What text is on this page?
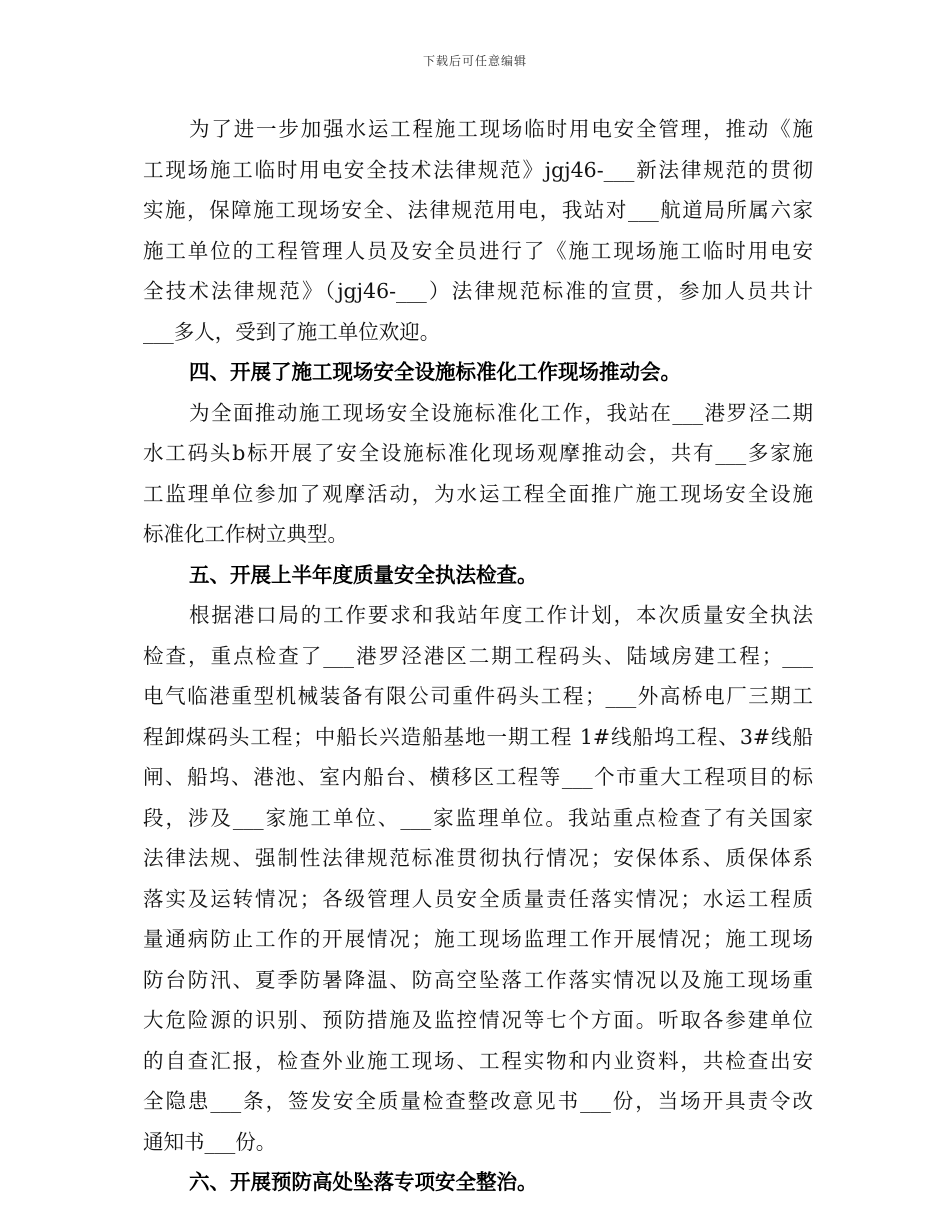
下载后可任意编辑
为了进一步加强水运工程施工现场临时用电安全管理，推动《施
工现场施工临时用电安全技术法律规范》jgj46-___新法律规范的贯彻
实施，保障施工现场安全、法律规范用电，我站对___航道局所属六家
施工单位的工程管理人员及安全员进行了《施工现场施工临时用电安
全技术法律规范》（jgj46-___）法律规范标准的宣贯，参加人员共计
___多人，受到了施工单位欢迎。
四、开展了施工现场安全设施标准化工作现场推动会。
为全面推动施工现场安全设施标准化工作，我站在___港罗泾二期
水工码头b标开展了安全设施标准化现场观摩推动会，共有___多家施
工监理单位参加了观摩活动，为水运工程全面推广施工现场安全设施
标准化工作树立典型。
五、开展上半年度质量安全执法检查。
根据港口局的工作要求和我站年度工作计划，本次质量安全执法
检查，重点检查了___港罗泾港区二期工程码头、陆域房建工程；___
电气临港重型机械装备有限公司重件码头工程；___外高桥电厂三期工
程卸煤码头工程；中船长兴造船基地一期工程 1#线船坞工程、3#线船
闸、船坞、港池、室内船台、横移区工程等___个市重大工程项目的标
段，涉及___家施工单位、___家监理单位。我站重点检查了有关国家
法律法规、强制性法律规范标准贯彻执行情况；安保体系、质保体系
落实及运转情况；各级管理人员安全质量责任落实情况；水运工程质
量通病防止工作的开展情况；施工现场监理工作开展情况；施工现场
防台防汛、夏季防暑降温、防高空坠落工作落实情况以及施工现场重
大危险源的识别、预防措施及监控情况等七个方面。听取各参建单位
的自查汇报，检查外业施工现场、工程实物和内业资料，共检查出安
全隐患___条，签发安全质量检查整改意见书___份，当场开具责令改
通知书___份。
六、开展预防高处坠落专项安全整治。
